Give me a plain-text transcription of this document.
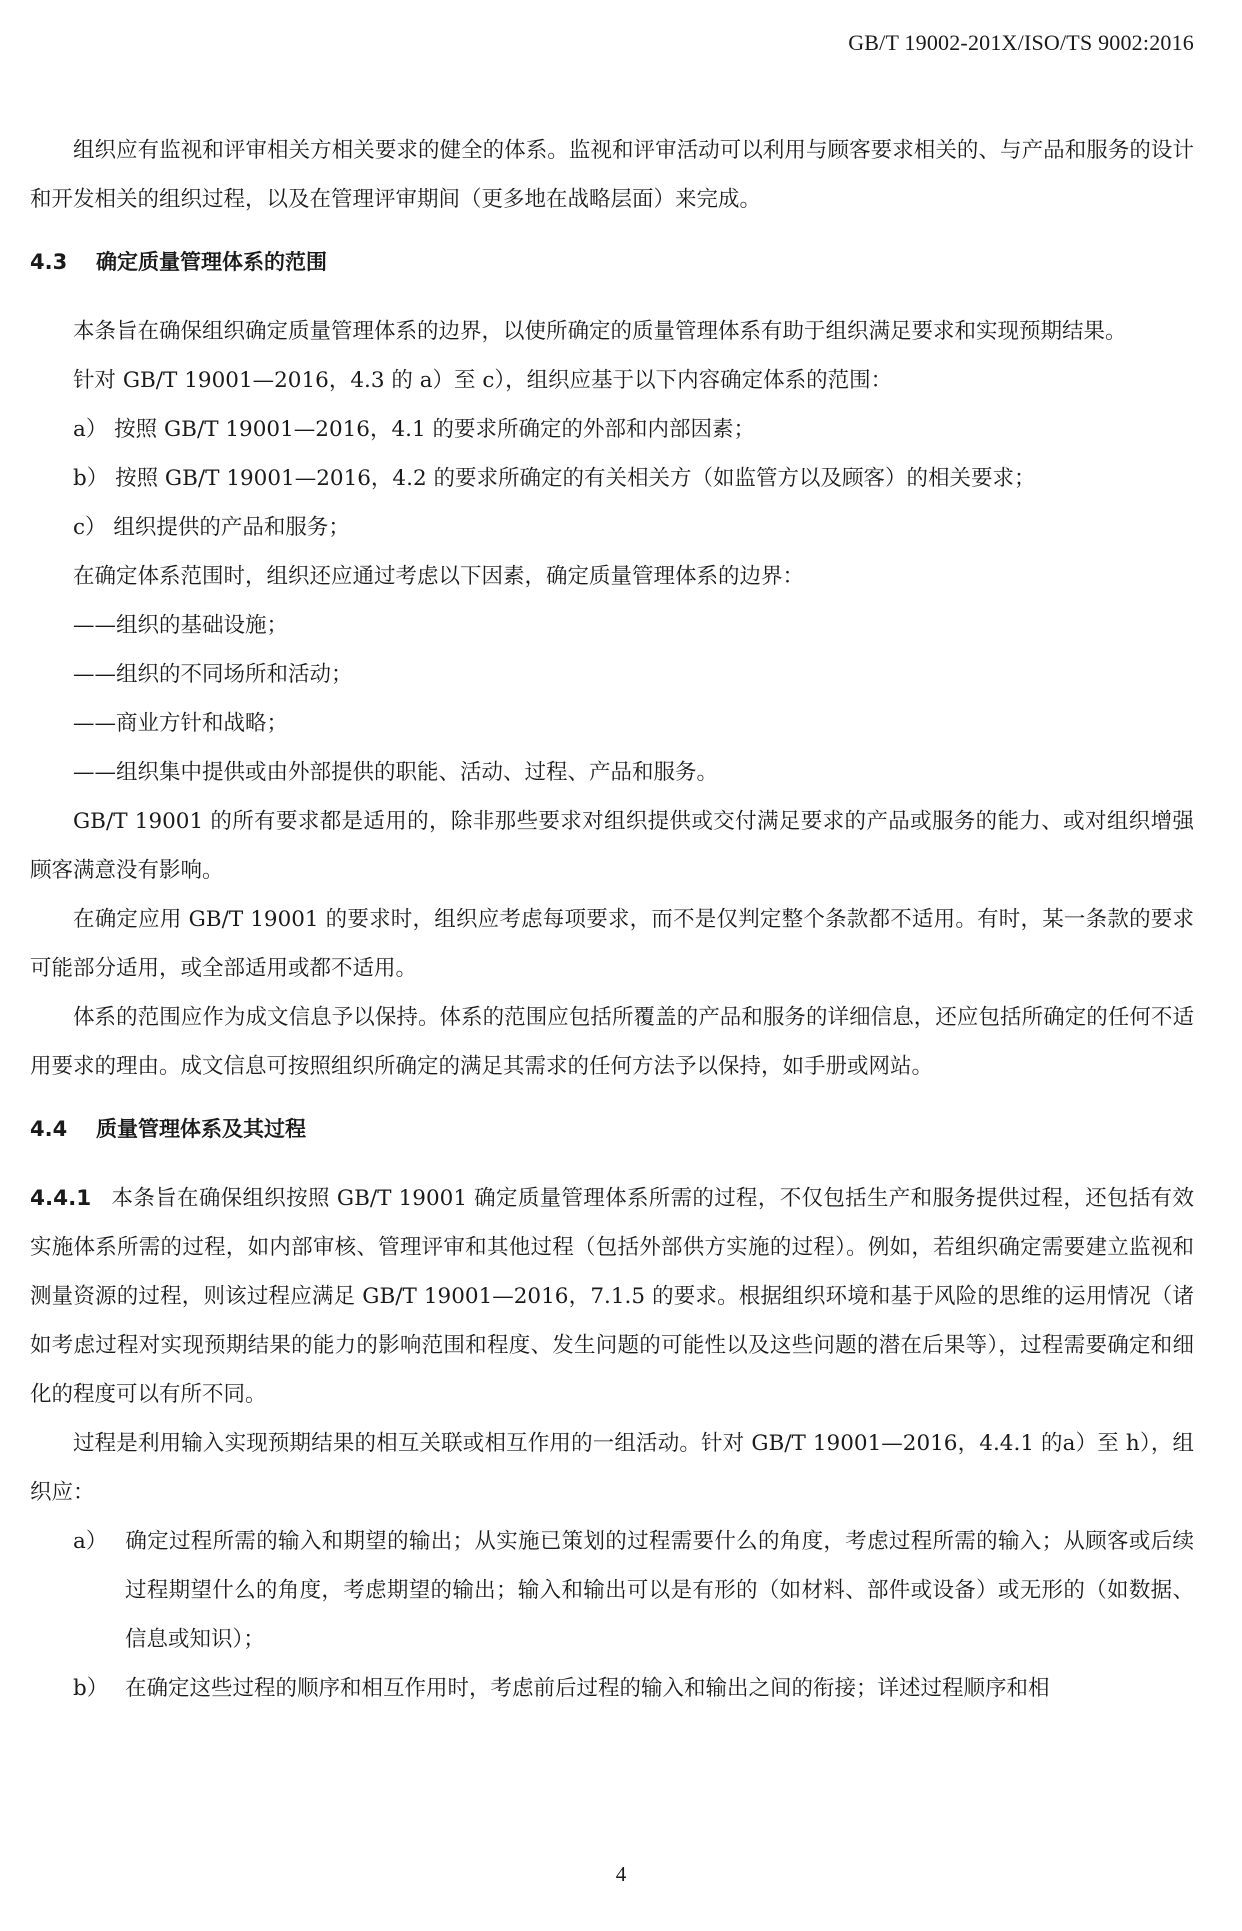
GB/T 19002-201X/ISO/TS 9002:2016

组织应有监视和评审相关方相关要求的健全的体系。监视和评审活动可以利用与顾客要求相关的、与产品和服务的设计和开发相关的组织过程，以及在管理评审期间（更多地在战略层面）来完成。

4.3 确定质量管理体系的范围

本条旨在确保组织确定质量管理体系的边界，以使所确定的质量管理体系有助于组织满足要求和实现预期结果。

针对 GB/T 19001—2016，4.3 的 a）至 c），组织应基于以下内容确定体系的范围：

a） 按照 GB/T 19001—2016，4.1 的要求所确定的外部和内部因素；

b） 按照 GB/T 19001—2016，4.2 的要求所确定的有关相关方（如监管方以及顾客）的相关要求；

c） 组织提供的产品和服务；

在确定体系范围时，组织还应通过考虑以下因素，确定质量管理体系的边界：

——组织的基础设施；

——组织的不同场所和活动；

——商业方针和战略；

——组织集中提供或由外部提供的职能、活动、过程、产品和服务。

GB/T 19001 的所有要求都是适用的，除非那些要求对组织提供或交付满足要求的产品或服务的能力、或对组织增强顾客满意没有影响。

在确定应用 GB/T 19001 的要求时，组织应考虑每项要求，而不是仅判定整个条款都不适用。有时，某一条款的要求可能部分适用，或全部适用或都不适用。

体系的范围应作为成文信息予以保持。体系的范围应包括所覆盖的产品和服务的详细信息，还应包括所确定的任何不适用要求的理由。成文信息可按照组织所确定的满足其需求的任何方法予以保持，如手册或网站。

4.4 质量管理体系及其过程

4.4.1 本条旨在确保组织按照 GB/T 19001 确定质量管理体系所需的过程，不仅包括生产和服务提供过程，还包括有效实施体系所需的过程，如内部审核、管理评审和其他过程（包括外部供方实施的过程）。例如，若组织确定需要建立监视和测量资源的过程，则该过程应满足 GB/T 19001—2016，7.1.5 的要求。根据组织环境和基于风险的思维的运用情况（诸如考虑过程对实现预期结果的能力的影响范围和程度、发生问题的可能性以及这些问题的潜在后果等），过程需要确定和细化的程度可以有所不同。

过程是利用输入实现预期结果的相互关联或相互作用的一组活动。针对 GB/T 19001—2016，4.4.1 的a）至 h），组织应：

a） 确定过程所需的输入和期望的输出；从实施已策划的过程需要什么的角度，考虑过程所需的输入；从顾客或后续过程期望什么的角度，考虑期望的输出；输入和输出可以是有形的（如材料、部件或设备）或无形的（如数据、信息或知识）；

b） 在确定这些过程的顺序和相互作用时，考虑前后过程的输入和输出之间的衔接；详述过程顺序和相

4
